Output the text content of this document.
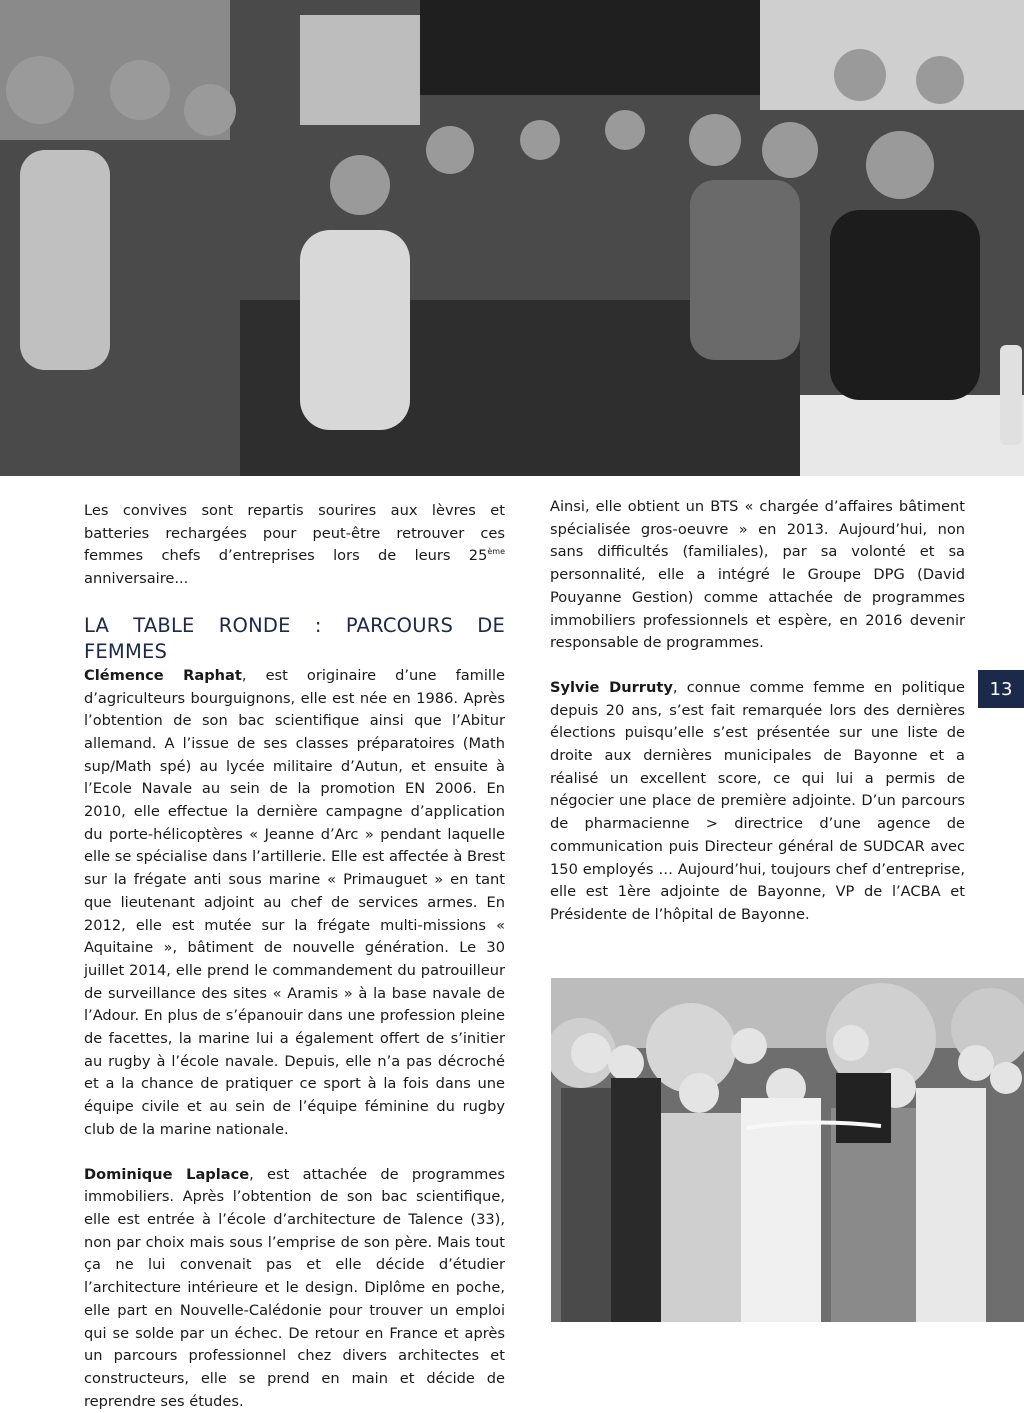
Les convives sont repartis sourires aux lèvres et batteries rechargées pour peut-être retrouver ces femmes chefs d’entreprises lors de leurs 25ème anniversaire...

LA TABLE RONDE : PARCOURS DE FEMMES

Clémence Raphat, est originaire d’une famille d’agriculteurs bourguignons, elle est née en 1986. Après l’obtention de son bac scientifique ainsi que l’Abitur allemand. A l’issue de ses classes préparatoires (Math sup/Math spé) au lycée militaire d’Autun, et ensuite à l’Ecole Navale au sein de la promotion EN 2006. En 2010, elle effectue la dernière campagne d’application du porte-hélicoptères « Jeanne d’Arc » pendant laquelle elle se spécialise dans l’artillerie. Elle est affectée à Brest sur la frégate anti sous marine « Primauguet » en tant que lieutenant adjoint au chef de services armes. En 2012, elle est mutée sur la frégate multi-missions « Aquitaine », bâtiment de nouvelle génération. Le 30 juillet 2014, elle prend le commandement du patrouilleur de surveillance des sites « Aramis » à la base navale de l’Adour. En plus de s’épanouir dans une profession pleine de facettes, la marine lui a également offert de s’initier au rugby à l’école navale. Depuis, elle n’a pas décroché et a la chance de pratiquer ce sport à la fois dans une équipe civile et au sein de l’équipe féminine du rugby club de la marine nationale.

Dominique Laplace, est attachée de programmes immobiliers. Après l’obtention de son bac scientifique, elle est entrée à l’école d’architecture de Talence (33), non par choix mais sous l’emprise de son père. Mais tout ça ne lui convenait pas et elle décide d’étudier l’architecture intérieure et le design. Diplôme en poche, elle part en Nouvelle-Calédonie pour trouver un emploi qui se solde par un échec. De retour en France et après un parcours professionnel chez divers architectes et constructeurs, elle se prend en main et décide de reprendre ses études.

Ainsi, elle obtient un BTS « chargée d’affaires bâtiment spécialisée gros-oeuvre » en 2013. Aujourd’hui, non sans difficultés (familiales), par sa volonté et sa personnalité, elle a intégré le Groupe DPG (David Pouyanne Gestion) comme attachée de programmes immobiliers professionnels et espère, en 2016 devenir responsable de programmes.

Sylvie Durruty, connue comme femme en politique depuis 20 ans, s’est fait remarquée lors des dernières élections puisqu’elle s’est présentée sur une liste de droite aux dernières municipales de Bayonne et a réalisé un excellent score, ce qui lui a permis de négocier une place de première adjointe. D’un parcours de pharmacienne > directrice d’une agence de communication puis Directeur général de SUDCAR avec 150 employés … Aujourd’hui, toujours chef d’entreprise, elle est 1ère adjointe de Bayonne, VP de l’ACBA et Présidente de l’hôpital de Bayonne.

13
